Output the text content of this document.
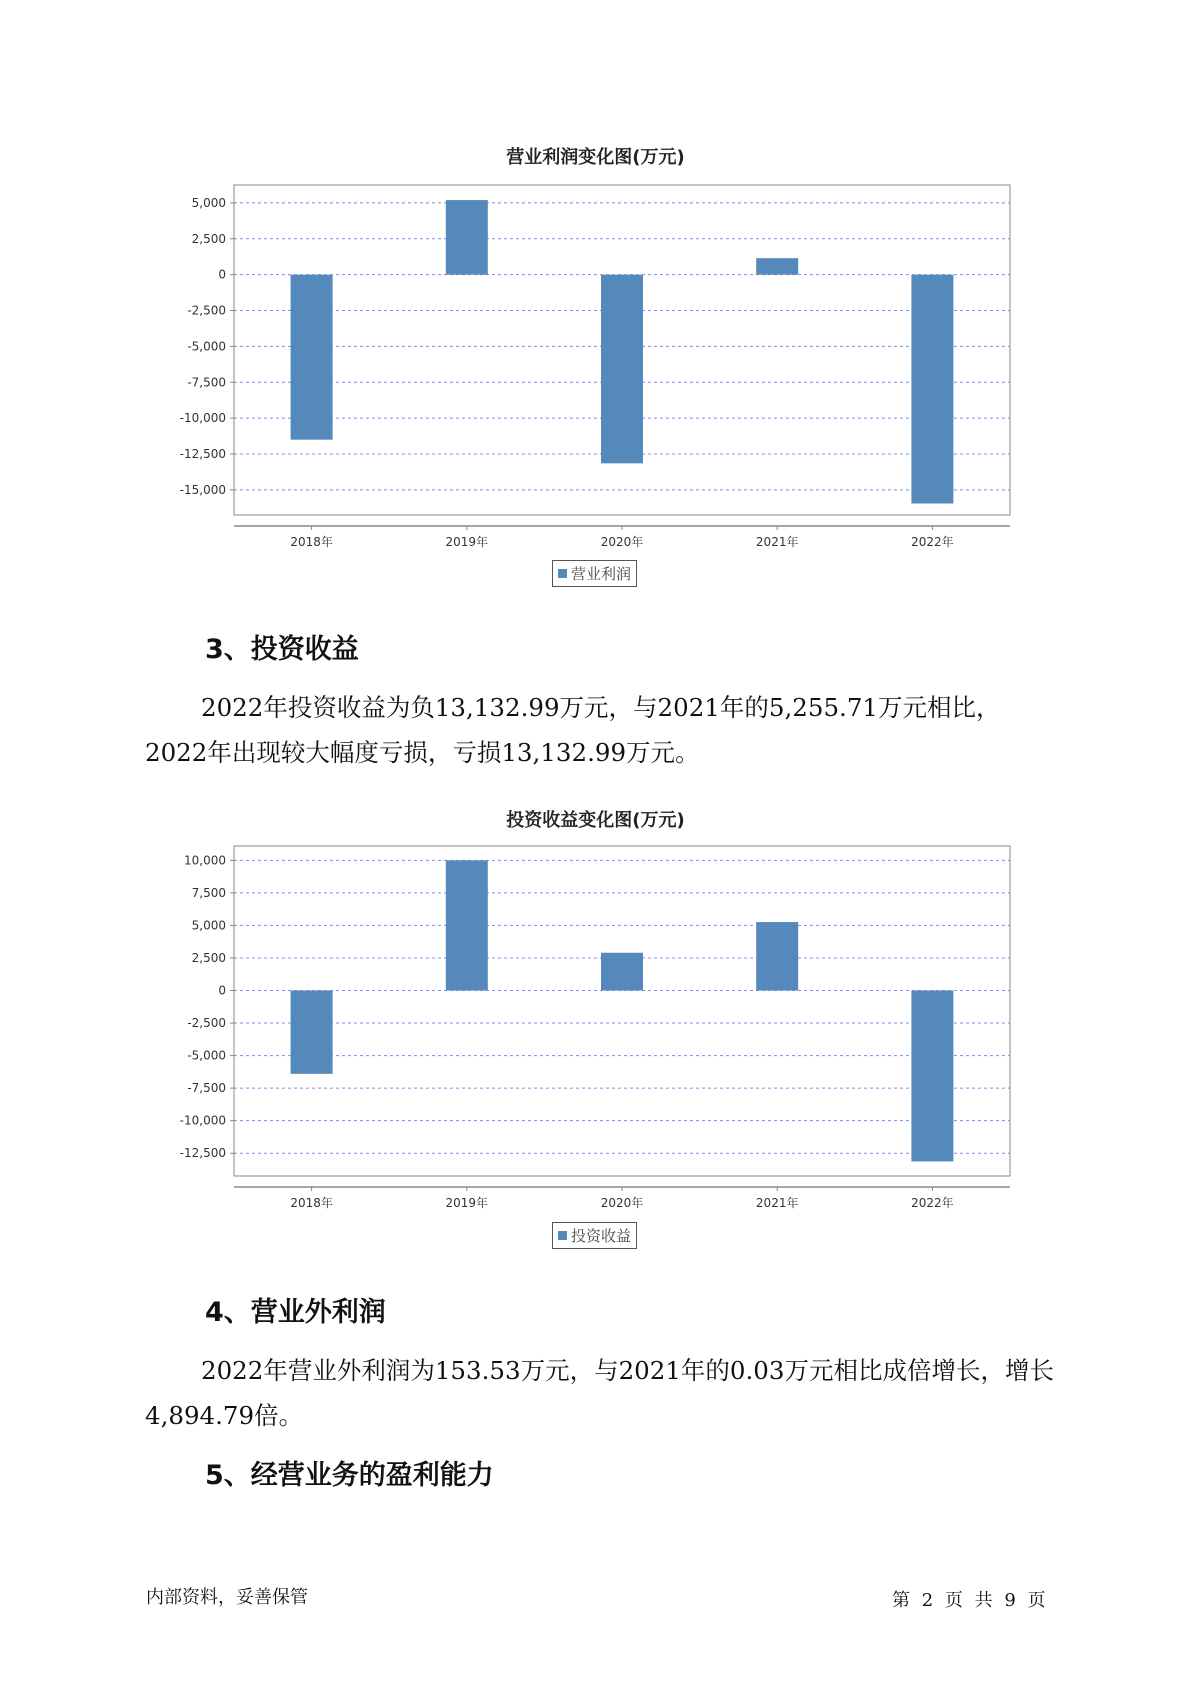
营业利润变化图(万元)
5,000
2,500
0
-2,500
-5,000
-7,500
-10,000
-12,500
-15,000
2018年	2019年	2020年	2021年	2022年
营业利润
3、投资收益
2022年投资收益为负13,132.99万元，与2021年的5,255.71万元相比，2022年出现较大幅度亏损，亏损13,132.99万元。
投资收益变化图(万元)
10,000
7,500
5,000
2,500
0
-2,500
-5,000
-7,500
-10,000
-12,500
2018年	2019年	2020年	2021年	2022年
投资收益
4、营业外利润
2022年营业外利润为153.53万元，与2021年的0.03万元相比成倍增长，增长4,894.79倍。
5、经营业务的盈利能力
内部资料，妥善保管	第 2 页 共 9 页
